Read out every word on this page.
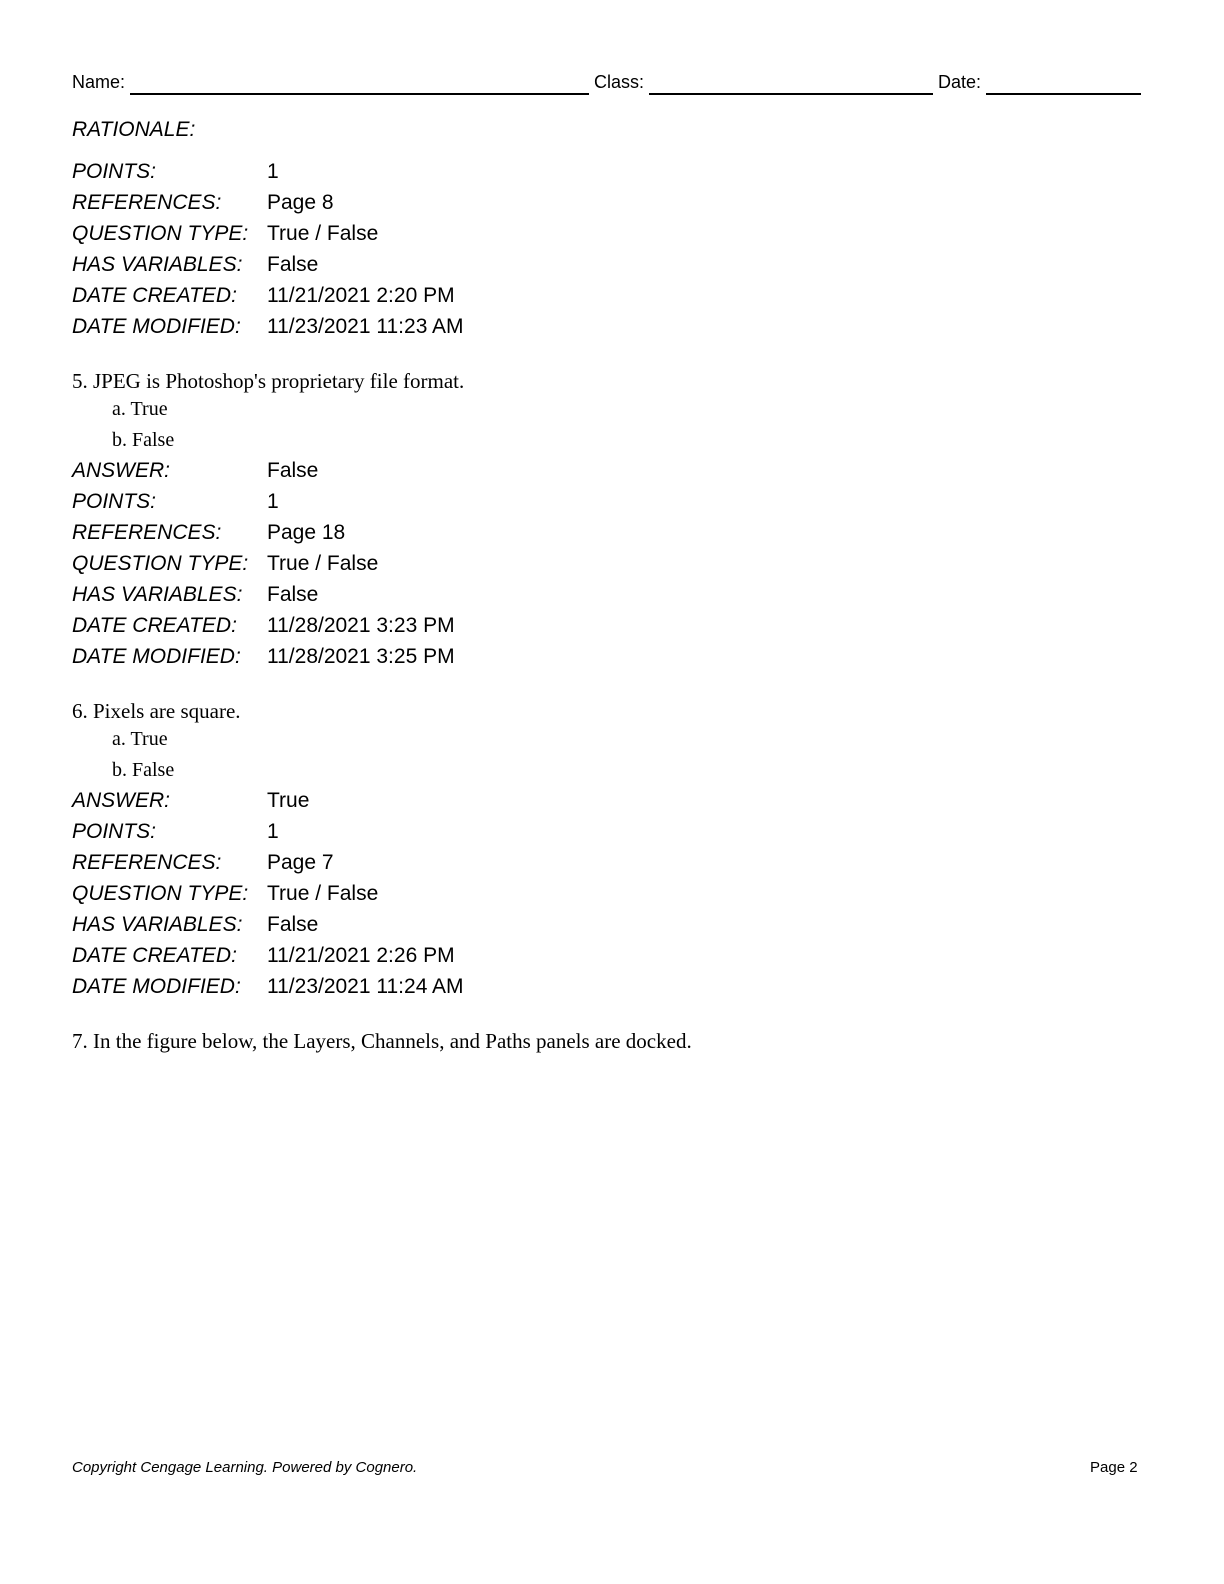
Name:	Class:	Date:
RATIONALE:
POINTS:	1
REFERENCES: Page 8
QUESTION TYPE: True / False
HAS VARIABLES: False
DATE CREATED: 11/21/2021 2:20 PM
DATE MODIFIED: 11/23/2021 11:23 AM
5. JPEG is Photoshop's proprietary file format.
a. True
b. False
ANSWER:	False
POINTS:	1
REFERENCES: Page 18
QUESTION TYPE: True / False
HAS VARIABLES: False
DATE CREATED: 11/28/2021 3:23 PM
DATE MODIFIED: 11/28/2021 3:25 PM
6. Pixels are square.
a. True
b. False
ANSWER:	True
POINTS:	1
REFERENCES: Page 7
QUESTION TYPE: True / False
HAS VARIABLES: False
DATE CREATED: 11/21/2021 2:26 PM
DATE MODIFIED: 11/23/2021 11:24 AM
7. In the figure below, the Layers, Channels, and Paths panels are docked.
Copyright Cengage Learning. Powered by Cognero.	Page 2
